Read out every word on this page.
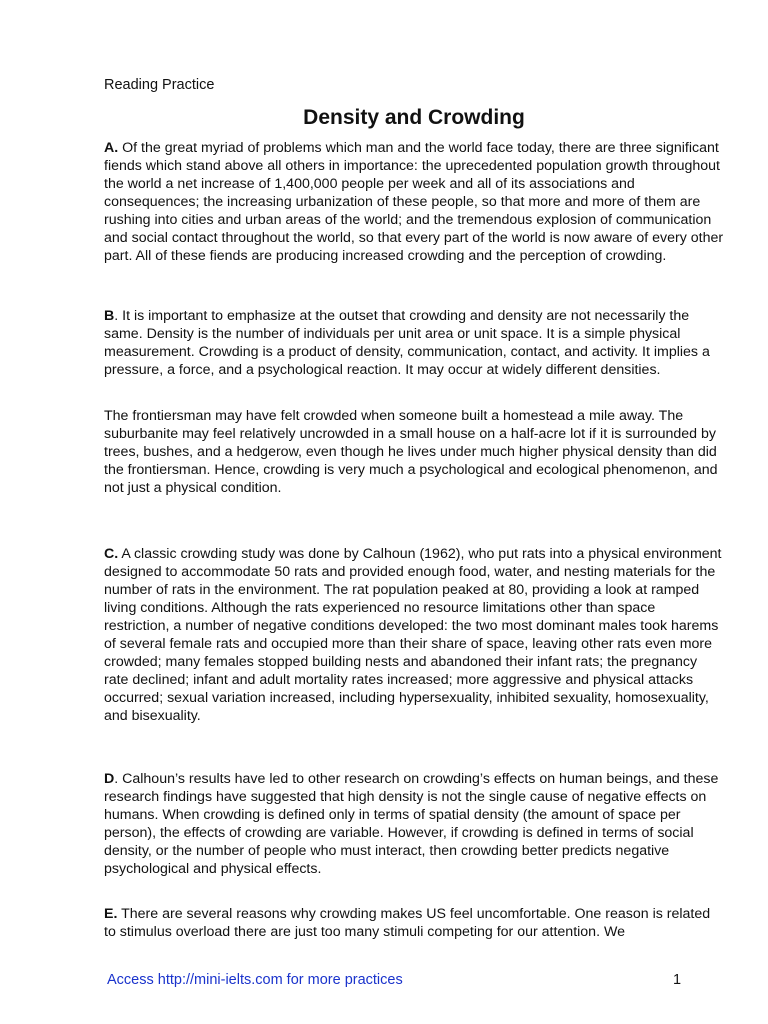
Reading Practice
Density and Crowding

A. Of the great myriad of problems which man and the world face today, there are three significant fiends which stand above all others in importance: the uprecedented population growth throughout the world a net increase of 1,400,000 people per week and all of its associations and consequences; the increasing urbanization of these people, so that more and more of them are rushing into cities and urban areas of the world; and the tremendous explosion of communication and social contact throughout the world, so that every part of the world is now aware of every other part. All of these fiends are producing increased crowding and the perception of crowding.

B. It is important to emphasize at the outset that crowding and density are not necessarily the same. Density is the number of individuals per unit area or unit space. It is a simple physical measurement. Crowding is a product of density, communication, contact, and activity. It implies a pressure, a force, and a psychological reaction. It may occur at widely different densities.

The frontiersman may have felt crowded when someone built a homestead a mile away. The suburbanite may feel relatively uncrowded in a small house on a half-acre lot if it is surrounded by trees, bushes, and a hedgerow, even though he lives under much higher physical density than did the frontiersman. Hence, crowding is very much a psychological and ecological phenomenon, and not just a physical condition.

C. A classic crowding study was done by Calhoun (1962), who put rats into a physical environment designed to accommodate 50 rats and provided enough food, water, and nesting materials for the number of rats in the environment. The rat population peaked at 80, providing a look at ramped living conditions. Although the rats experienced no resource limitations other than space restriction, a number of negative conditions developed: the two most dominant males took harems of several female rats and occupied more than their share of space, leaving other rats even more crowded; many females stopped building nests and abandoned their infant rats; the pregnancy rate declined; infant and adult mortality rates increased; more aggressive and physical attacks occurred; sexual variation increased, including hypersexuality, inhibited sexuality, homosexuality, and bisexuality.

D. Calhoun’s results have led to other research on crowding’s effects on human beings, and these research findings have suggested that high density is not the single cause of negative effects on humans. When crowding is defined only in terms of spatial density (the amount of space per person), the effects of crowding are variable. However, if crowding is defined in terms of social density, or the number of people who must interact, then crowding better predicts negative psychological and physical effects.

E. There are several reasons why crowding makes US feel uncomfortable. One reason is related to stimulus overload there are just too many stimuli competing for our attention. We

Access http://mini-ielts.com for more practices	1
